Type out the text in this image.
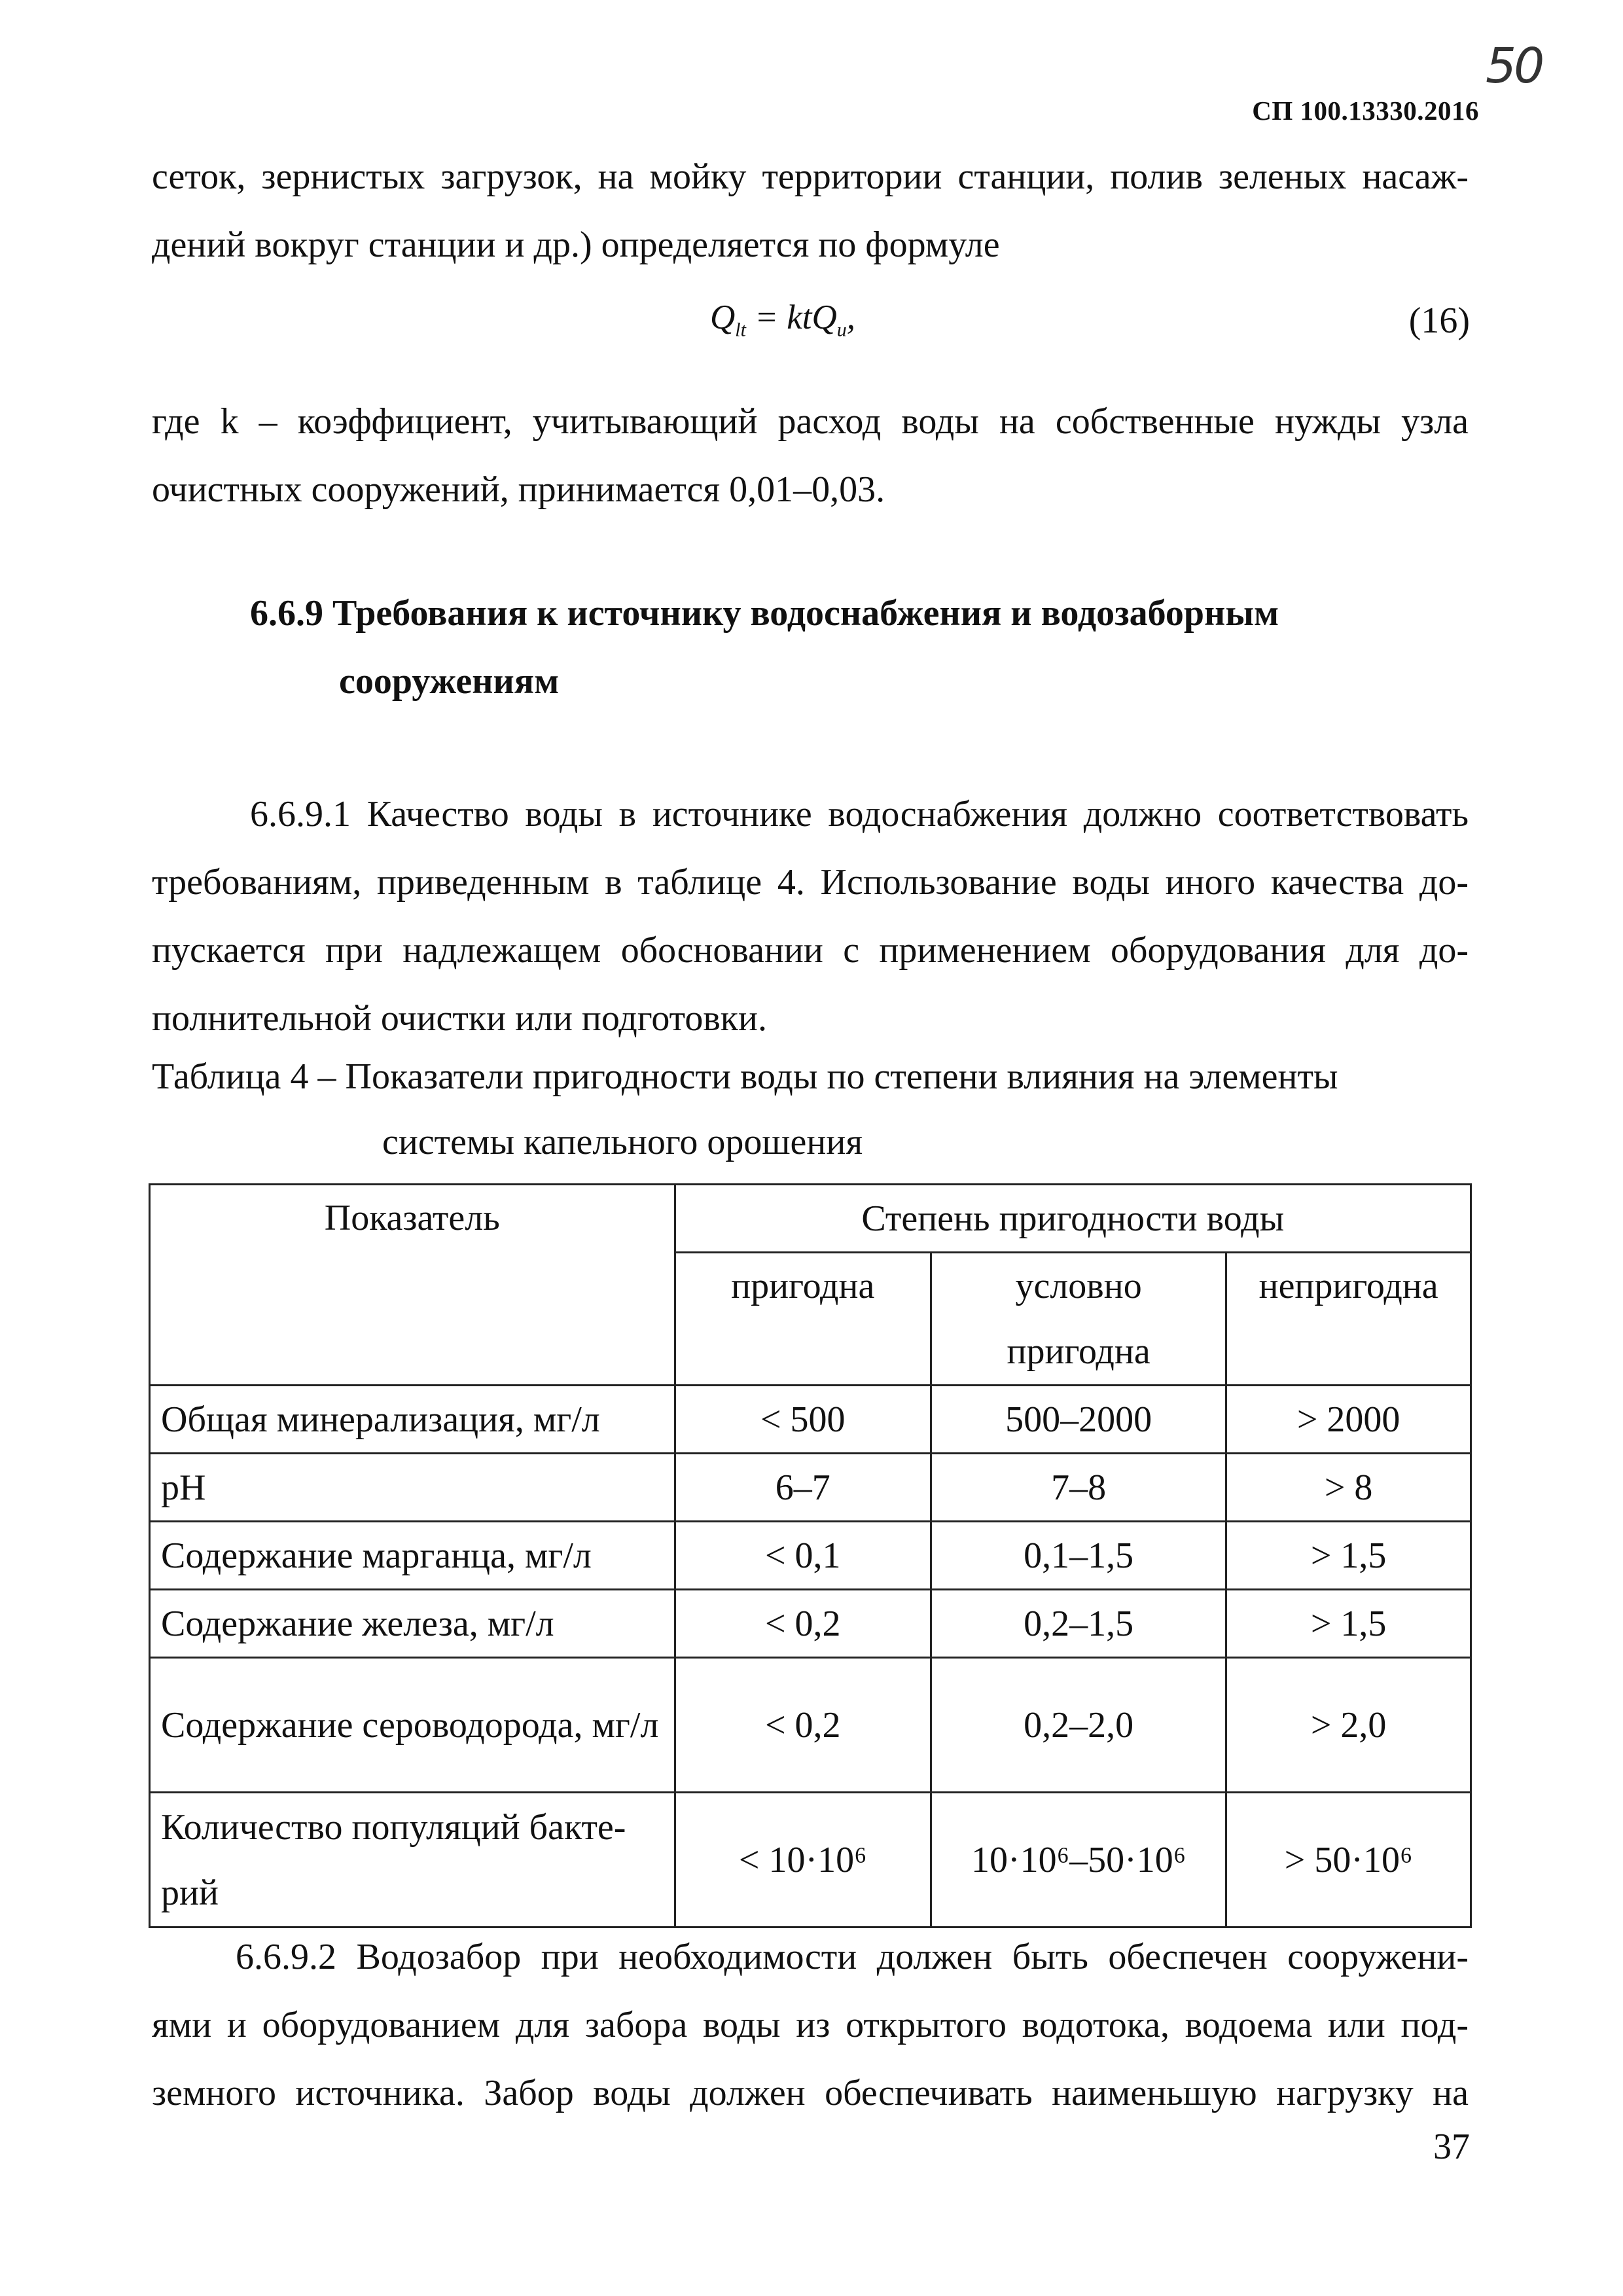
50
СП 100.13330.2016
сеток, зернистых загрузок, на мойку территории станции, полив зеленых насаж-
дений вокруг станции и др.) определяется по формуле
$Q_{lt} = ktQ_u$,	(16)
где k – коэффициент, учитывающий расход воды на собственные нужды узла
очистных сооружений, принимается 0,01–0,03.
6.6.9 Требования к источнику водоснабжения и водозаборным
сооружениям
6.6.9.1 Качество воды в источнике водоснабжения должно соответствовать
требованиям, приведенным в таблице 4. Использование воды иного качества до-
пускается при надлежащем обосновании с применением оборудования для до-
полнительной очистки или подготовки.
Таблица 4 – Показатели пригодности воды по степени влияния на элементы
системы капельного орошения
Показатель	Степень пригодности воды		
	пригодна	условно пригодна	непригодна
Общая минерализация, мг/л	< 500	500–2000	> 2000
pH	6–7	7–8	> 8
Содержание марганца, мг/л	< 0,1	0,1–1,5	> 1,5
Содержание железа, мг/л	< 0,2	0,2–1,5	> 1,5
Содержание сероводорода, мг/л	< 0,2	0,2–2,0	> 2,0
Количество популяций бакте-рий	< 10·10⁶	10·10⁶–50·10⁶	> 50·10⁶
6.6.9.2 Водозабор при необходимости должен быть обеспечен сооружени-
ями и оборудованием для забора воды из открытого водотока, водоема или под-
земного источника. Забор воды должен обеспечивать наименьшую нагрузку на
37
